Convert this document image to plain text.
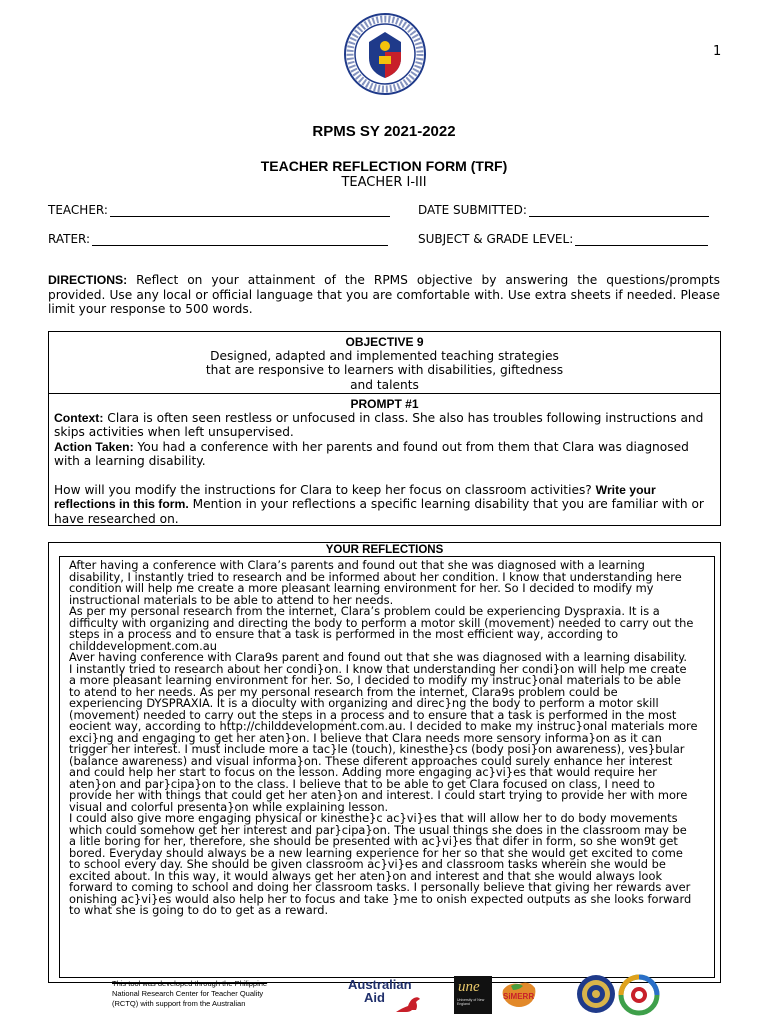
1
RPMS SY 2021-2022
TEACHER REFLECTION FORM (TRF)
TEACHER I-III
TEACHER:	DATE SUBMITTED:
RATER:	SUBJECT & GRADE LEVEL:
DIRECTIONS: Reflect on your attainment of the RPMS objective by answering the questions/prompts provided. Use any local or official language that you are comfortable with. Use extra sheets if needed. Please limit your response to 500 words.
OBJECTIVE 9
Designed, adapted and implemented teaching strategies
that are responsive to learners with disabilities, giftedness
and talents
PROMPT #1

Context: Clara is often seen restless or unfocused in class. She also has troubles following instructions and skips activities when left unsupervised.

Action Taken: You had a conference with her parents and found out from them that Clara was diagnosed with a learning disability.

How will you modify the instructions for Clara to keep her focus on classroom activities? Write your reflections in this form. Mention in your reflections a specific learning disability that you are familiar with or have researched on.

YOUR REFLECTIONS
After having a conference with Clara’s parents and found out that she was diagnosed with a learning
disability, I instantly tried to research and be informed about her condition. I know that understanding here
condition will help me create a more pleasant learning environment for her. So I decided to modify my
instructional materials to be able to attend to her needs.
As per my personal research from the internet, Clara’s problem could be experiencing Dyspraxia. It is a
difficulty with organizing and directing the body to perform a motor skill (movement) needed to carry out the
steps in a process and to ensure that a task is performed in the most efficient way, according to
childdevelopment.com.au
Aver having conference with Clara9s parent and found out that she was diagnosed with a learning disability.
I instantly tried to research about her condi}on. I know that understanding her condi}on will help me create
a more pleasant learning environment for her. So, I decided to modify my instruc}onal materials to be able
to atend to her needs. As per my personal research from the internet, Clara9s problem could be
experiencing DYSPRAXIA. It is a dioculty with organizing and direc}ng the body to perform a motor skill
(movement) needed to carry out the steps in a process and to ensure that a task is performed in the most
eocient way, according to http://childdevelopment.com.au. I decided to make my instruc}onal materials more
exci}ng and engaging to get her aten}on. I believe that Clara needs more sensory informa}on as it can
trigger her interest. I must include more a tac}le (touch), kinesthe}cs (body posi}on awareness), ves}bular
(balance awareness) and visual informa}on. These diferent approaches could surely enhance her interest
and could help her start to focus on the lesson. Adding more engaging ac}vi}es that would require her
aten}on and par}cipa}on to the class. I believe that to be able to get Clara focused on class, I need to
provide her with things that could get her aten}on and interest. I could start trying to provide her with more
visual and colorful presenta}on while explaining lesson.
I could also give more engaging physical or kinesthe}c ac}vi}es that will allow her to do body movements
which could somehow get her interest and par}cipa}on. The usual things she does in the classroom may be
a litle boring for her, therefore, she should be presented with ac}vi}es that difer in form, so she won9t get
bored. Everyday should always be a new learning experience for her so that she would get excited to come
to school every day. She should be given classroom ac}vi}es and classroom tasks wherein she would be
excited about. In this way, it would always get her aten}on and interest and that she would always look
forward to coming to school and doing her classroom tasks. I personally believe that giving her rewards aver
onishing ac}vi}es would also help her to focus and take }me to onish expected outputs as she looks forward
to what she is going to do to get as a reward.
This tool was developed through the Philippine
National Research Center for Teacher Quality
(RCTQ) with support from the Australian
Australian
Aid
une
University of New England
SiMERR
